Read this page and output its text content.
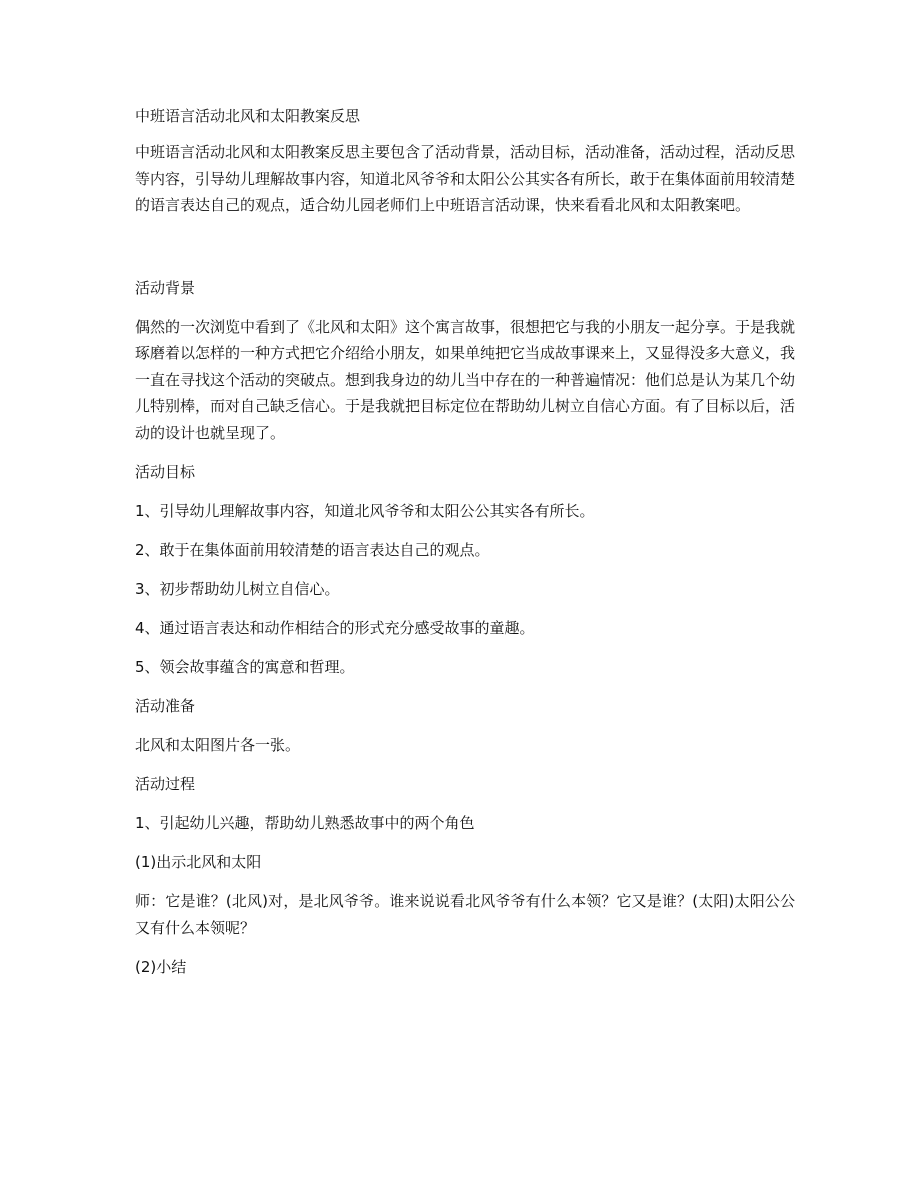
中班语言活动北风和太阳教案反思

中班语言活动北风和太阳教案反思主要包含了活动背景，活动目标，活动准备，活动过程，活动反思等内容，引导幼儿理解故事内容，知道北风爷爷和太阳公公其实各有所长，敢于在集体面前用较清楚的语言表达自己的观点，适合幼儿园老师们上中班语言活动课，快来看看北风和太阳教案吧。

活动背景

偶然的一次浏览中看到了《北风和太阳》这个寓言故事，很想把它与我的小朋友一起分享。于是我就琢磨着以怎样的一种方式把它介绍给小朋友，如果单纯把它当成故事课来上，又显得没多大意义，我一直在寻找这个活动的突破点。想到我身边的幼儿当中存在的一种普遍情况：他们总是认为某几个幼儿特别棒，而对自己缺乏信心。于是我就把目标定位在帮助幼儿树立自信心方面。有了目标以后，活动的设计也就呈现了。

活动目标
1、引导幼儿理解故事内容，知道北风爷爷和太阳公公其实各有所长。
2、敢于在集体面前用较清楚的语言表达自己的观点。
3、初步帮助幼儿树立自信心。
4、通过语言表达和动作相结合的形式充分感受故事的童趣。
5、领会故事蕴含的寓意和哲理。
活动准备
北风和太阳图片各一张。
活动过程
1、引起幼儿兴趣，帮助幼儿熟悉故事中的两个角色
(1)出示北风和太阳

师：它是谁？(北风)对，是北风爷爷。谁来说说看北风爷爷有什么本领？它又是谁？(太阳)太阳公公又有什么本领呢？

(2)小结
